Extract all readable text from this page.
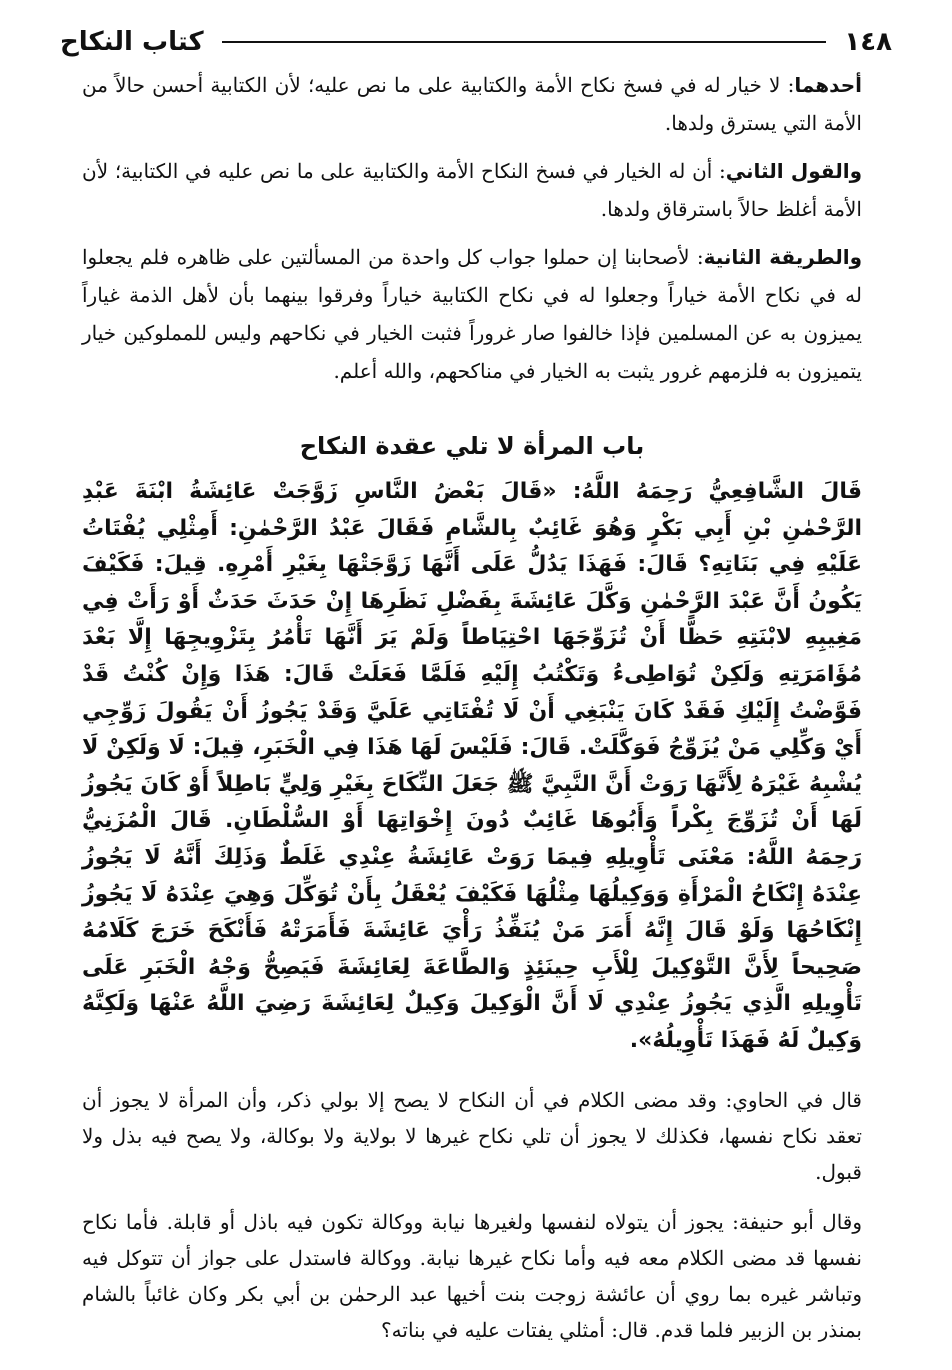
١٤٨
كتاب النكاح

أحدهما: لا خيار له في فسخ نكاح الأمة والكتابية على ما نص عليه؛ لأن الكتابية أحسن حالاً من الأمة التي يسترق ولدها.

والقول الثاني: أن له الخيار في فسخ النكاح الأمة والكتابية على ما نص عليه في الكتابية؛ لأن الأمة أغلظ حالاً باسترقاق ولدها.

والطريقة الثانية: لأصحابنا إن حملوا جواب كل واحدة من المسألتين على ظاهره فلم يجعلوا له في نكاح الأمة خياراً وجعلوا له في نكاح الكتابية خياراً وفرقوا بينهما بأن لأهل الذمة غياراً يميزون به عن المسلمين فإذا خالفوا صار غروراً فثبت الخيار في نكاحهم وليس للمملوكين خيار يتميزون به فلزمهم غرور يثبت به الخيار في مناكحهم، والله أعلم.

باب المرأة لا تلي عقدة النكاح

قَالَ الشَّافِعِيُّ رَحِمَهُ اللَّهُ: «قَالَ بَعْضُ النَّاسِ زَوَّجَتْ عَائِشَةُ ابْنَةَ عَبْدِ الرَّحْمٰنِ بْنِ أَبِي بَكْرٍ وَهُوَ غَائِبٌ بِالشَّامِ فَقَالَ عَبْدُ الرَّحْمٰنِ: أَمِثْلِي يُفْتَاتُ عَلَيْهِ فِي بَنَاتِهِ؟ قَالَ: فَهَذَا يَدُلُّ عَلَى أَنَّهَا زَوَّجَتْهَا بِغَيْرِ أَمْرِهِ. قِيلَ: فَكَيْفَ يَكُونُ أَنَّ عَبْدَ الرَّحْمٰنِ وَكَّلَ عَائِشَةَ بِفَضْلِ نَظَرِهَا إِنْ حَدَثَ حَدَثٌ أَوْ رَأَتْ فِي مَغِيبِهِ لابْنَتِهِ حَظًّا أَنْ تُزَوِّجَهَا احْتِيَاطاً وَلَمْ يَرَ أَنَّهَا تَأْمُرُ بِتَزْوِيجِهَا إِلَّا بَعْدَ مُؤَامَرَتِهِ وَلَكِنْ تُوَاطِىءُ وَتَكْتُبُ إِلَيْهِ فَلَمَّا فَعَلَتْ قَالَ: هَذَا وَإِنْ كُنْتُ قَدْ فَوَّضْتُ إِلَيْكِ فَقَدْ كَانَ يَنْبَغِي أَنْ لَا تُفْتَاتِي عَلَيَّ وَقَدْ يَجُوزُ أَنْ يَقُولَ زَوِّجِي أَيْ وَكِّلِي مَنْ يُزَوِّجُ فَوَكَّلَتْ. قَالَ: فَلَيْسَ لَهَا هَذَا فِي الْخَبَرِ، قِيلَ: لَا وَلَكِنْ لَا يُشْبِهُ غَيْرَهُ لِأَنَّهَا رَوَتْ أَنَّ النَّبِيَّ ﷺ جَعَلَ النِّكَاحَ بِغَيْرِ وَلِيٍّ بَاطِلاً أَوْ كَانَ يَجُوزُ لَهَا أَنْ تُزَوِّجَ بِكْراً وَأَبُوهَا غَائِبٌ دُونَ إِخْوَاتِهَا أَوْ السُّلْطَانِ. قَالَ الْمُزَنِيُّ رَحِمَهُ اللَّهُ: مَعْنَى تَأْوِيلِهِ فِيمَا رَوَتْ عَائِشَةُ عِنْدِي غَلَطٌ وَذَلِكَ أَنَّهُ لَا يَجُوزُ عِنْدَهُ إِنْكَاحُ الْمَرْأَةِ وَوَكِيلُهَا مِثْلُهَا فَكَيْفَ يُعْقَلُ بِأَنْ تُوَكِّلَ وَهِيَ عِنْدَهُ لَا يَجُوزُ إِنْكَاحُهَا وَلَوْ قَالَ إِنَّهُ أَمَرَ مَنْ يُنَفِّذُ رَأْيَ عَائِشَةَ فَأَمَرَتْهُ فَأَنْكَحَ خَرَجَ كَلَامُهُ صَحِيحاً لِأَنَّ التَّوْكِيلَ لِلْأَبِ حِينَئِذٍ وَالطَّاعَةَ لِعَائِشَةَ فَيَصِحُّ وَجْهُ الْخَبَرِ عَلَى تَأْوِيلِهِ الَّذِي يَجُوزُ عِنْدِي لَا أَنَّ الْوَكِيلَ وَكِيلٌ لِعَائِشَةَ رَضِيَ اللَّهُ عَنْهَا وَلَكِنَّهُ وَكِيلٌ لَهُ فَهَذَا تَأْوِيلُهُ».

قال في الحاوي: وقد مضى الكلام في أن النكاح لا يصح إلا بولي ذكر، وأن المرأة لا يجوز أن تعقد نكاح نفسها، فكذلك لا يجوز أن تلي نكاح غيرها لا بولاية ولا بوكالة، ولا يصح فيه بذل ولا قبول.

وقال أبو حنيفة: يجوز أن يتولاه لنفسها ولغيرها نيابة ووكالة تكون فيه باذل أو قابلة. فأما نكاح نفسها قد مضى الكلام معه فيه وأما نكاح غيرها نيابة. ووكالة فاستدل على جواز أن تتوكل فيه وتباشر غيره بما روي أن عائشة زوجت بنت أخيها عبد الرحمٰن بن أبي بكر وكان غائباً بالشام بمنذر بن الزبير فلما قدم. قال: أمثلي يفتات عليه في بناته؟
